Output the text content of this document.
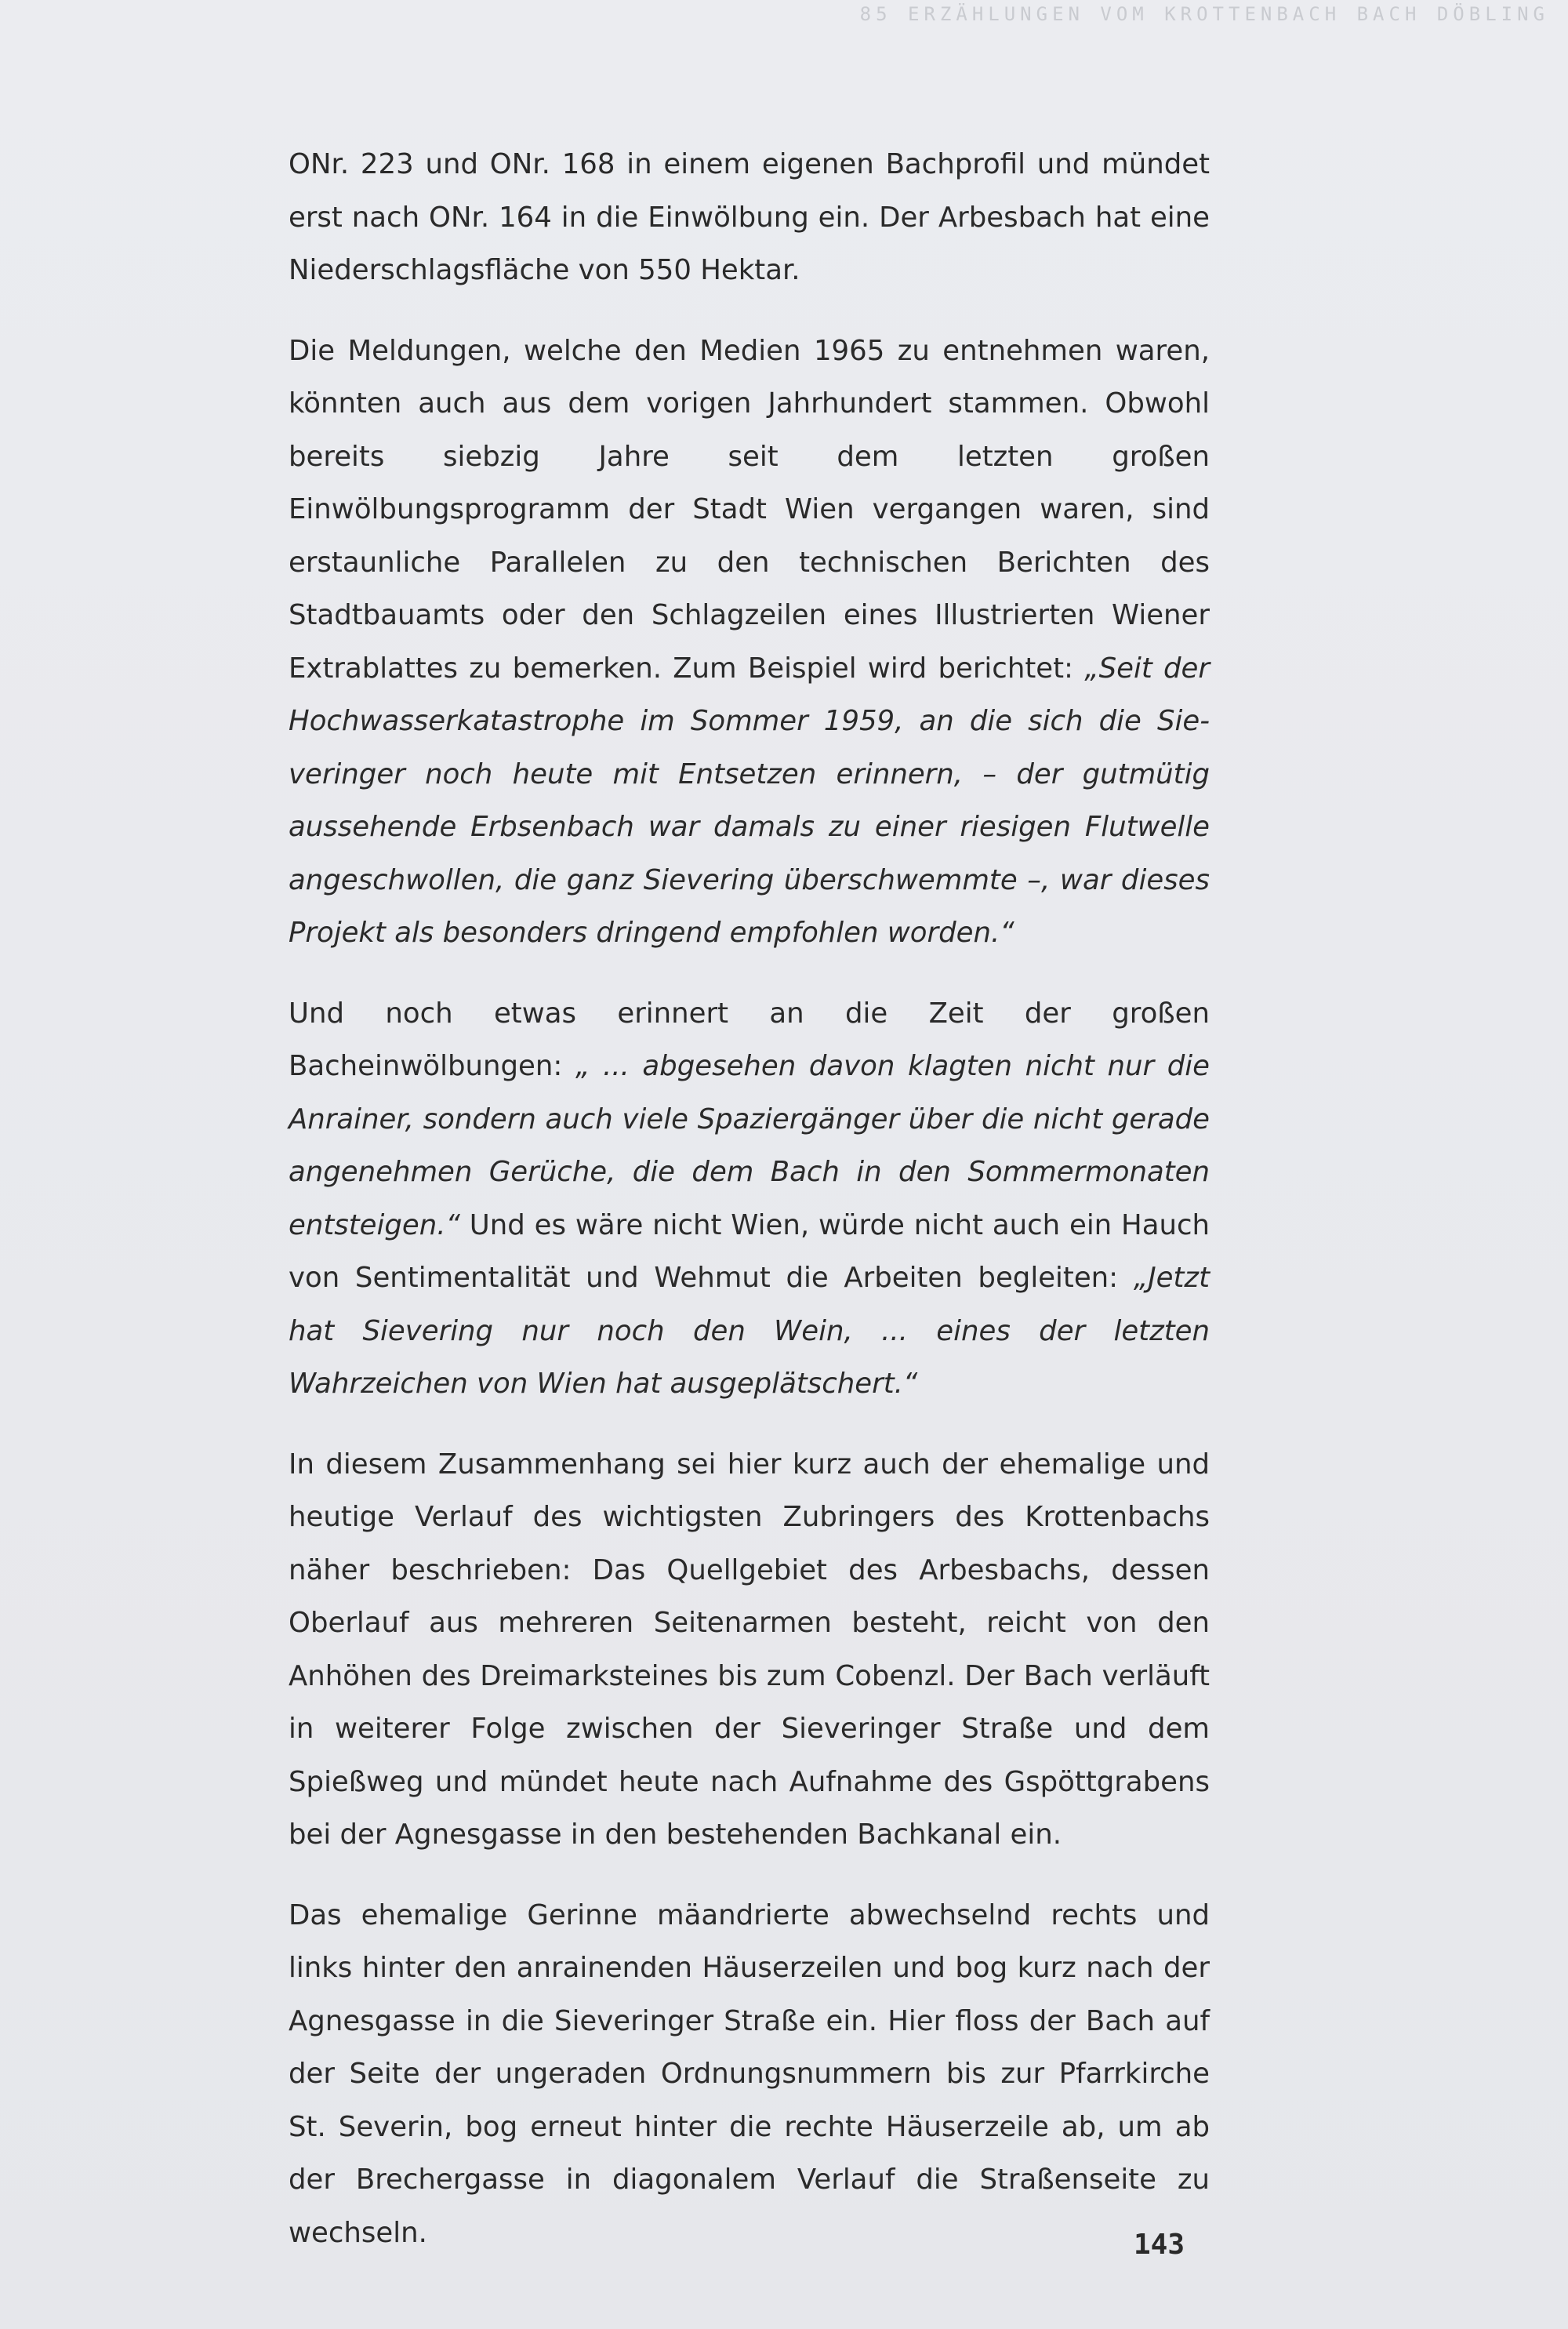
85 ERZÄHLUNGEN VOM KROTTENBACH BACH DÖBLING

ONr. 223 und ONr. 168 in einem eigenen Bachprofil und mündet erst nach ONr. 164 in die Einwölbung ein. Der Arbesbach hat eine Niederschlagsfläche von 550 Hektar.

Die Meldungen, welche den Medien 1965 zu entnehmen waren, könnten auch aus dem vorigen Jahrhundert stammen. Obwohl bereits siebzig Jahre seit dem letzten großen Einwölbungsprogramm der Stadt Wien vergangen waren, sind erstaunliche Parallelen zu den technischen Berichten des Stadtbauamts oder den Schlagzeilen eines Illustrierten Wiener Extrablattes zu bemerken. Zum Beispiel wird berichtet: „Seit der Hochwasserkatastrophe im Sommer 1959, an die sich die Sieveringer noch heute mit Entsetzen erinnern, – der gutmütig aussehende Erbsenbach war damals zu einer riesigen Flutwelle angeschwollen, die ganz Sievering überschwemmte –, war dieses Projekt als besonders dringend empfohlen worden.“

Und noch etwas erinnert an die Zeit der großen Bacheinwölbungen: „ ... abgesehen davon klagten nicht nur die Anrainer, sondern auch viele Spaziergänger über die nicht gerade angenehmen Gerüche, die dem Bach in den Sommermonaten entsteigen.“ Und es wäre nicht Wien, würde nicht auch ein Hauch von Sentimentalität und Wehmut die Arbeiten begleiten: „Jetzt hat Sievering nur noch den Wein, ... eines der letzten Wahrzeichen von Wien hat ausgeplätschert.“

In diesem Zusammenhang sei hier kurz auch der ehemalige und heutige Verlauf des wichtigsten Zubringers des Krottenbachs näher beschrieben: Das Quellgebiet des Arbesbachs, dessen Oberlauf aus mehreren Seitenarmen besteht, reicht von den Anhöhen des Dreimarksteines bis zum Cobenzl. Der Bach verläuft in weiterer Folge zwischen der Sieveringer Straße und dem Spießweg und mündet heute nach Aufnahme des Gspöttgrabens bei der Agnesgasse in den bestehenden Bachkanal ein.

Das ehemalige Gerinne mäandrierte abwechselnd rechts und links hinter den anrainenden Häuserzeilen und bog kurz nach der Agnesgasse in die Sieveringer Straße ein. Hier floss der Bach auf der Seite der ungeraden Ordnungsnummern bis zur Pfarrkirche St. Severin, bog erneut hinter die rechte Häuserzeile ab, um ab der Brechergasse in diagonalem Verlauf die Straßenseite zu wechseln.	143
